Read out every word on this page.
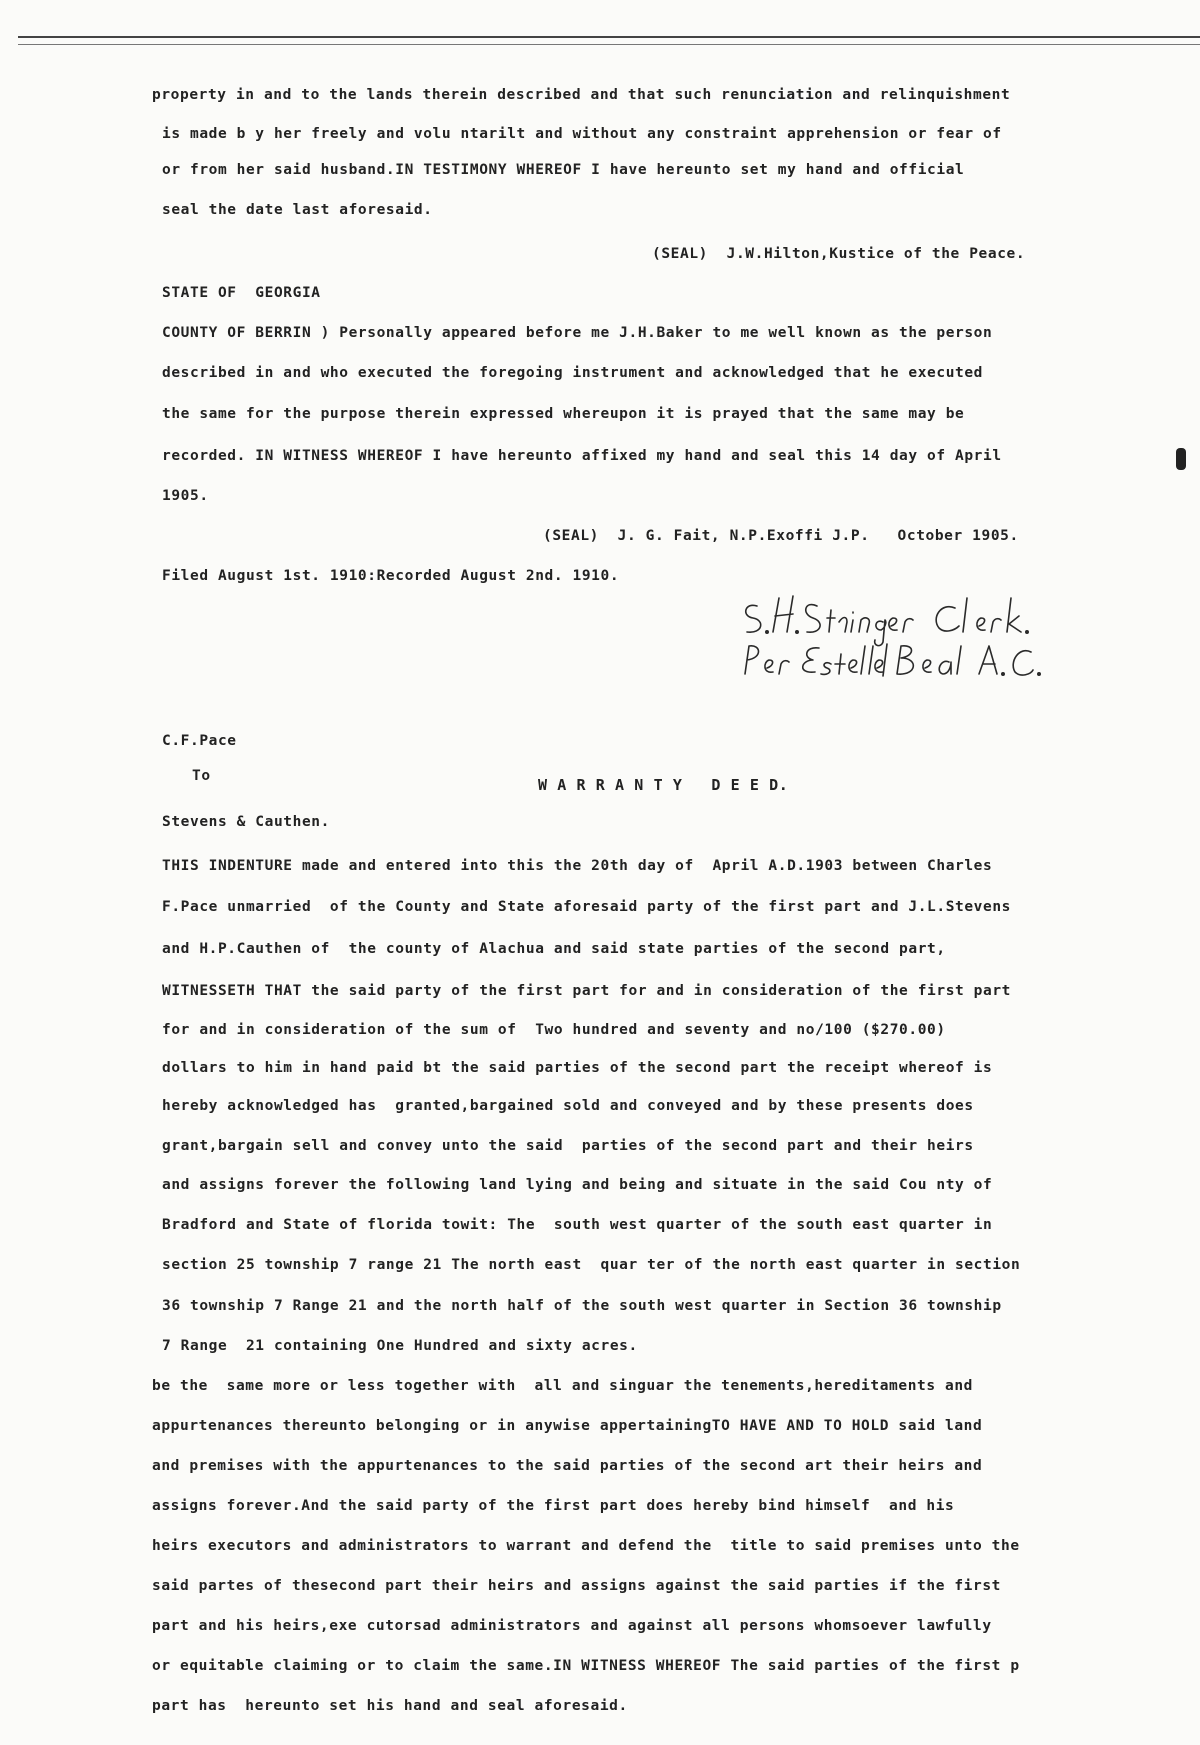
property in and to the lands therein described and that such renunciation and relinquishment
is made b y her freely and volu ntarilt and without any constraint apprehension or fear of
or from her said husband.IN TESTIMONY WHEREOF I have hereunto set my hand and official
seal the date last aforesaid.
(SEAL)  J.W.Hilton,Kustice of the Peace.
STATE OF  GEORGIA
COUNTY OF BERRIN ) Personally appeared before me J.H.Baker to me well known as the person
described in and who executed the foregoing instrument and acknowledged that he executed
the same for the purpose therein expressed whereupon it is prayed that the same may be
recorded. IN WITNESS WHEREOF I have hereunto affixed my hand and seal this 14 day of April
1905.
(SEAL)  J. G. Fait, N.P.Exoffi J.P.   October 1905.
Filed August 1st. 1910:Recorded August 2nd. 1910.
C.F.Pace
To	W A R R A N T Y   D E E D.
Stevens & Cauthen.
THIS INDENTURE made and entered into this the 20th day of  April A.D.1903 between Charles
F.Pace unmarried  of the County and State aforesaid party of the first part and J.L.Stevens
and H.P.Cauthen of  the county of Alachua and said state parties of the second part,
WITNESSETH THAT the said party of the first part for and in consideration of the first part
for and in consideration of the sum of  Two hundred and seventy and no/100 ($270.00)
dollars to him in hand paid bt the said parties of the second part the receipt whereof is
hereby acknowledged has  granted,bargained sold and conveyed and by these presents does
grant,bargain sell and convey unto the said  parties of the second part and their heirs
and assigns forever the following land lying and being and situate in the said Cou nty of
Bradford and State of florida towit: The  south west quarter of the south east quarter in
section 25 township 7 range 21 The north east  quar ter of the north east quarter in section
36 township 7 Range 21 and the north half of the south west quarter in Section 36 township
7 Range  21 containing One Hundred and sixty acres.
be the  same more or less together with  all and singuar the tenements,hereditaments and
appurtenances thereunto belonging or in anywise appertainingTO HAVE AND TO HOLD said land
and premises with the appurtenances to the said parties of the second art their heirs and
assigns forever.And the said party of the first part does hereby bind himself  and his
heirs executors and administrators to warrant and defend the  title to said premises unto the
said partes of thesecond part their heirs and assigns against the said parties if the first
part and his heirs,exe cutorsad administrators and against all persons whomsoever lawfully
or equitable claiming or to claim the same.IN WITNESS WHEREOF The said parties of the first p
part has  hereunto set his hand and seal aforesaid.
